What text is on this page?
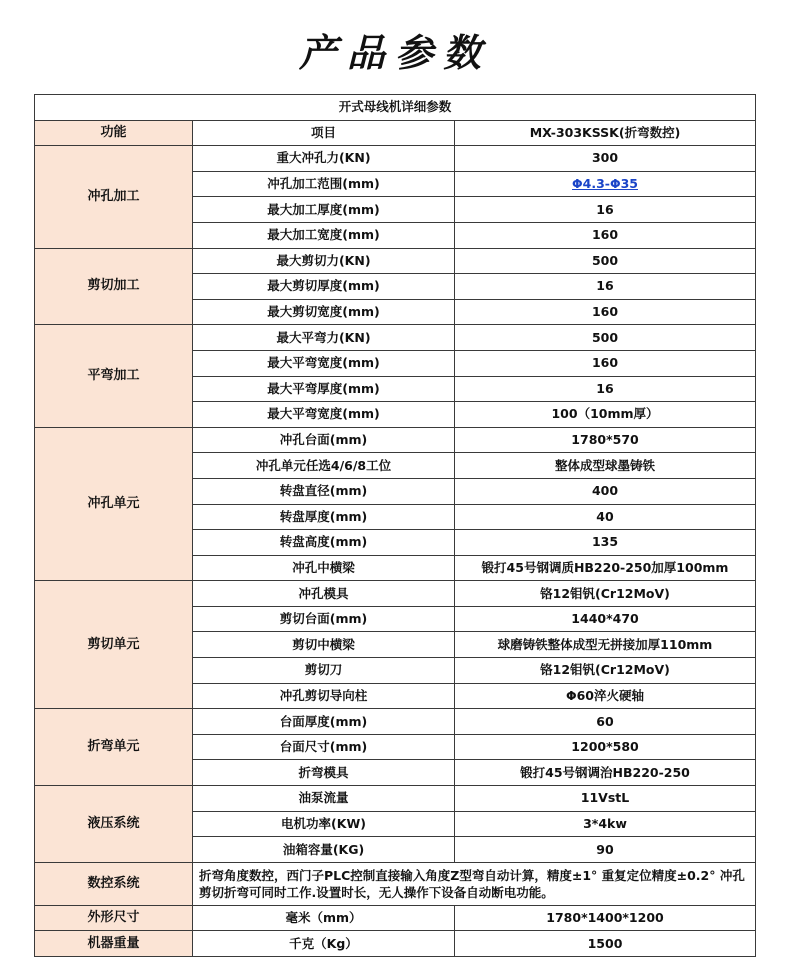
产品参数
开式母线机详细参数		
功能	项目	MX-303KSSK(折弯数控)
冲孔加工	重大冲孔力(KN)	300
	冲孔加工范围(mm)	Φ4.3-Φ35
	最大加工厚度(mm)	16
	最大加工宽度(mm)	160
剪切加工	最大剪切力(KN)	500
	最大剪切厚度(mm)	16
	最大剪切宽度(mm)	160
平弯加工	最大平弯力(KN)	500
	最大平弯宽度(mm)	160
	最大平弯厚度(mm)	16
	最大平弯宽度(mm)	100（10mm厚）
冲孔单元	冲孔台面(mm)	1780*570
	冲孔单元任选4/6/8工位	整体成型球墨铸铁
	转盘直径(mm)	400
	转盘厚度(mm)	40
	转盘高度(mm)	135
	冲孔中横梁	锻打45号钢调质HB220-250加厚100mm
剪切单元	冲孔模具	铬12钼钒(Cr12MoV)
	剪切台面(mm)	1440*470
	剪切中横梁	球磨铸铁整体成型无拼接加厚110mm
	剪切刀	铬12钼钒(Cr12MoV)
	冲孔剪切导向柱	Φ60淬火硬轴
折弯单元	台面厚度(mm)	60
	台面尺寸(mm)	1200*580
	折弯模具	锻打45号钢调治HB220-250
液压系统	油泵流量	11VstL
	电机功率(KW)	3*4kw
	油箱容量(KG)	90
数控系统	折弯角度数控，西门子PLC控制直接输入角度Z型弯自动计算，精度±1° 重复定位精度±0.2° 冲孔剪切折弯可同时工作.设置时长，无人操作下设备自动断电功能。	
外形尺寸	毫米（mm）	1780*1400*1200
机器重量	千克（Kg）	1500
